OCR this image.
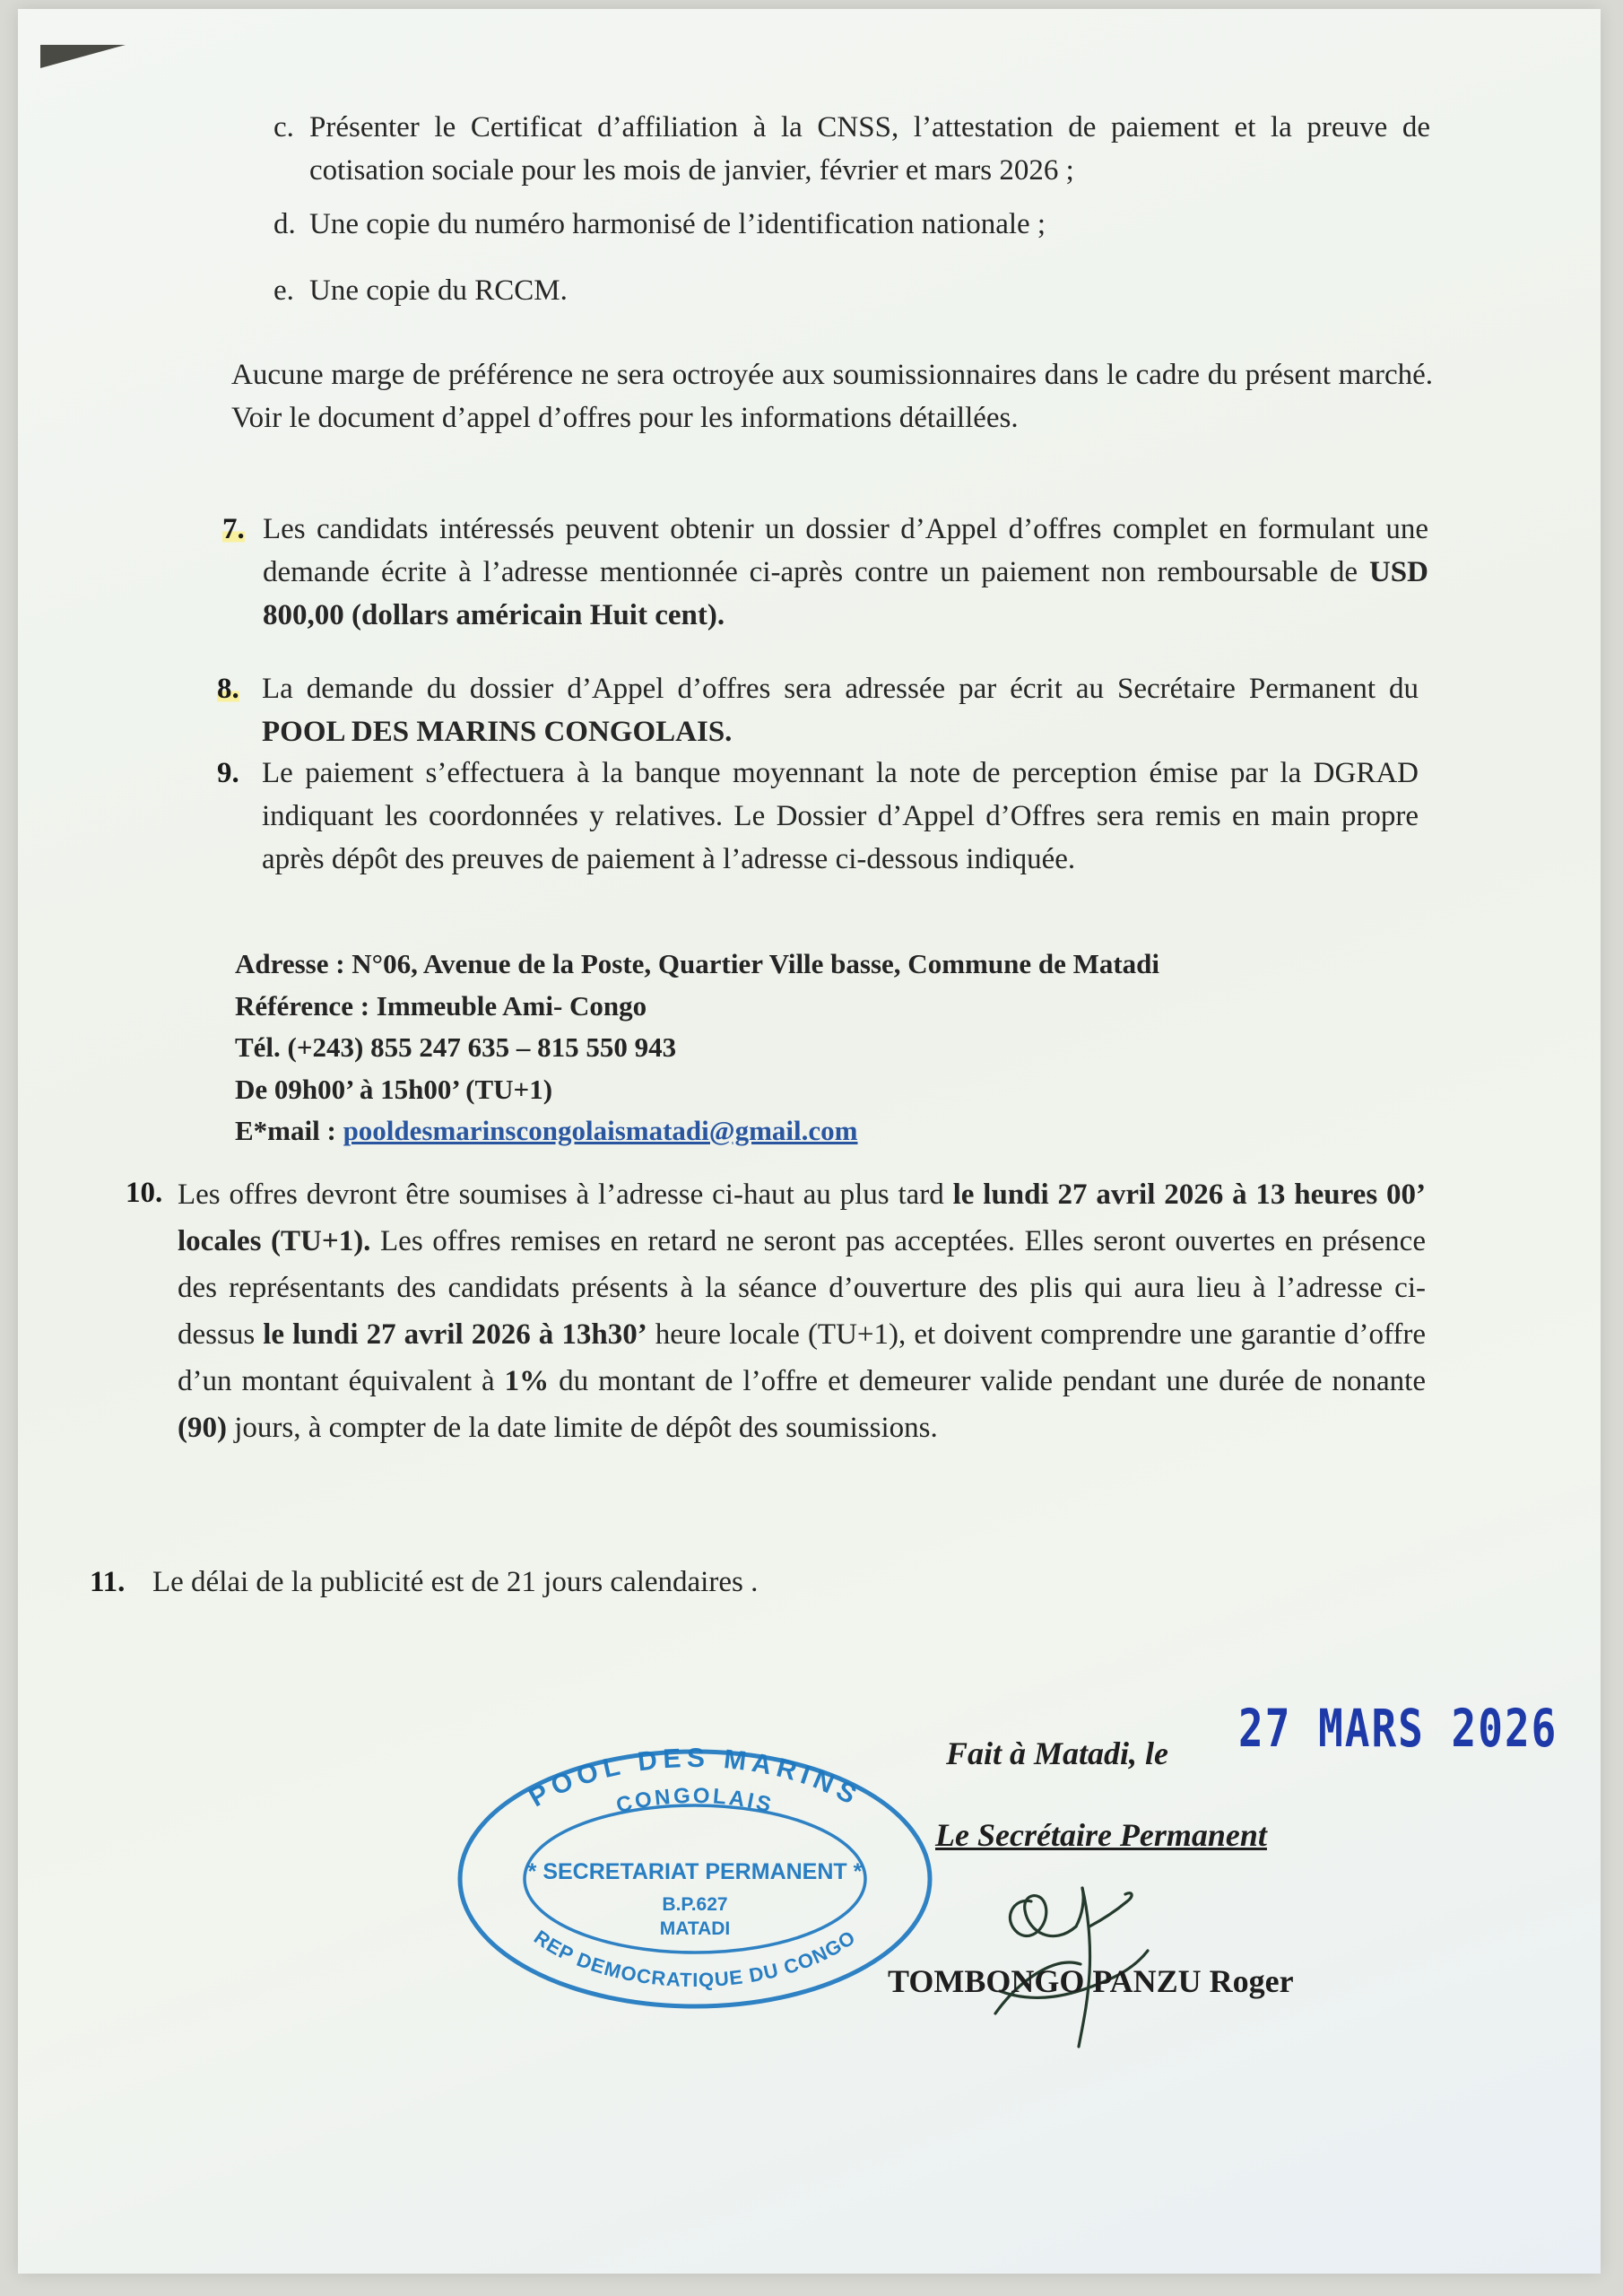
c. Présenter le Certificat d’affiliation à la CNSS, l’attestation de paiement et la preuve de cotisation sociale pour les mois de janvier, février et mars 2026 ;
d. Une copie du numéro harmonisé de l’identification nationale ;
e. Une copie du RCCM.

Aucune marge de préférence ne sera octroyée aux soumissionnaires dans le cadre du présent marché. Voir le document d’appel d’offres pour les informations détaillées.

7. Les candidats intéressés peuvent obtenir un dossier d’Appel d’offres complet en formulant une demande écrite à l’adresse mentionnée ci-après contre un paiement non remboursable de USD 800,00 (dollars américain Huit cent).
8. La demande du dossier d’Appel d’offres sera adressée par écrit au Secrétaire Permanent du POOL DES MARINS CONGOLAIS.
9. Le paiement s’effectuera à la banque moyennant la note de perception émise par la DGRAD indiquant les coordonnées y relatives. Le Dossier d’Appel d’Offres sera remis en main propre après dépôt des preuves de paiement à l’adresse ci-dessous indiquée.
Adresse : N°06, Avenue de la Poste, Quartier Ville basse, Commune de Matadi
Référence : Immeuble Ami- Congo
Tél. (+243) 855 247 635 – 815 550 943
De 09h00’ à 15h00’ (TU+1)
E*mail : pooldesmarinscongolaismatadi@gmail.com
10. Les offres devront être soumises à l’adresse ci-haut au plus tard le lundi 27 avril 2026 à 13 heures 00’ locales (TU+1). Les offres remises en retard ne seront pas acceptées. Elles seront ouvertes en présence des représentants des candidats présents à la séance d’ouverture des plis qui aura lieu à l’adresse ci-dessus le lundi 27 avril 2026 à 13h30’ heure locale (TU+1), et doivent comprendre une garantie d’offre d’un montant équivalent à 1% du montant de l’offre et demeurer valide pendant une durée de nonante (90) jours, à compter de la date limite de dépôt des soumissions.
11. Le délai de la publicité est de 21 jours calendaires .
27 MARS 2026
Fait à Matadi, le
Le Secrétaire Permanent
POOL DES MARINS
CONGOLAIS
REP DEMOCRATIQUE DU CONGO
* SECRETARIAT PERMANENT *
B.P.627
MATADI
TOMBONGO PANZU Roger
